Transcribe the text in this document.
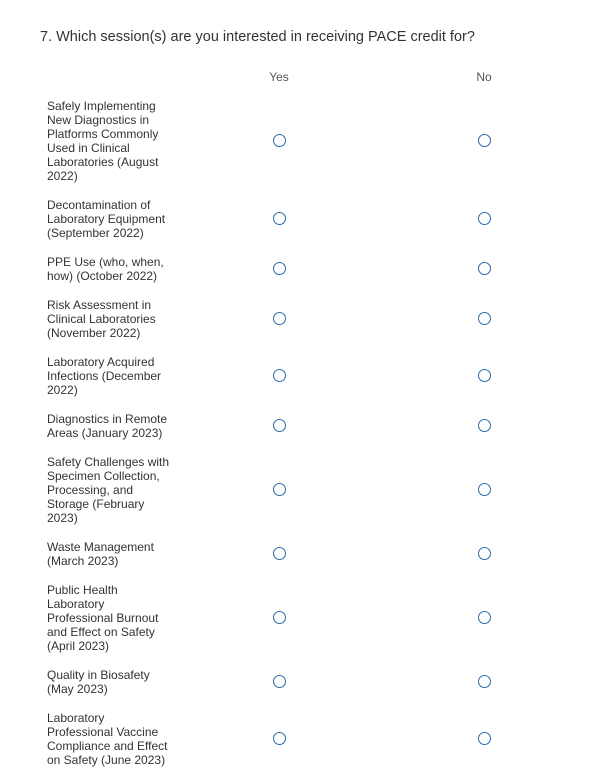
7. Which session(s) are you interested in receiving PACE credit for?
Yes	No
Safely Implementing New Diagnostics in Platforms Commonly Used in Clinical Laboratories (August 2022)
Decontamination of Laboratory Equipment (September 2022)
PPE Use (who, when, how) (October 2022)
Risk Assessment in Clinical Laboratories (November 2022)
Laboratory Acquired Infections (December 2022)
Diagnostics in Remote Areas (January 2023)
Safety Challenges with Specimen Collection, Processing, and Storage (February 2023)
Waste Management (March 2023)
Public Health Laboratory Professional Burnout and Effect on Safety (April 2023)
Quality in Biosafety (May 2023)
Laboratory Professional Vaccine Compliance and Effect on Safety (June 2023)
